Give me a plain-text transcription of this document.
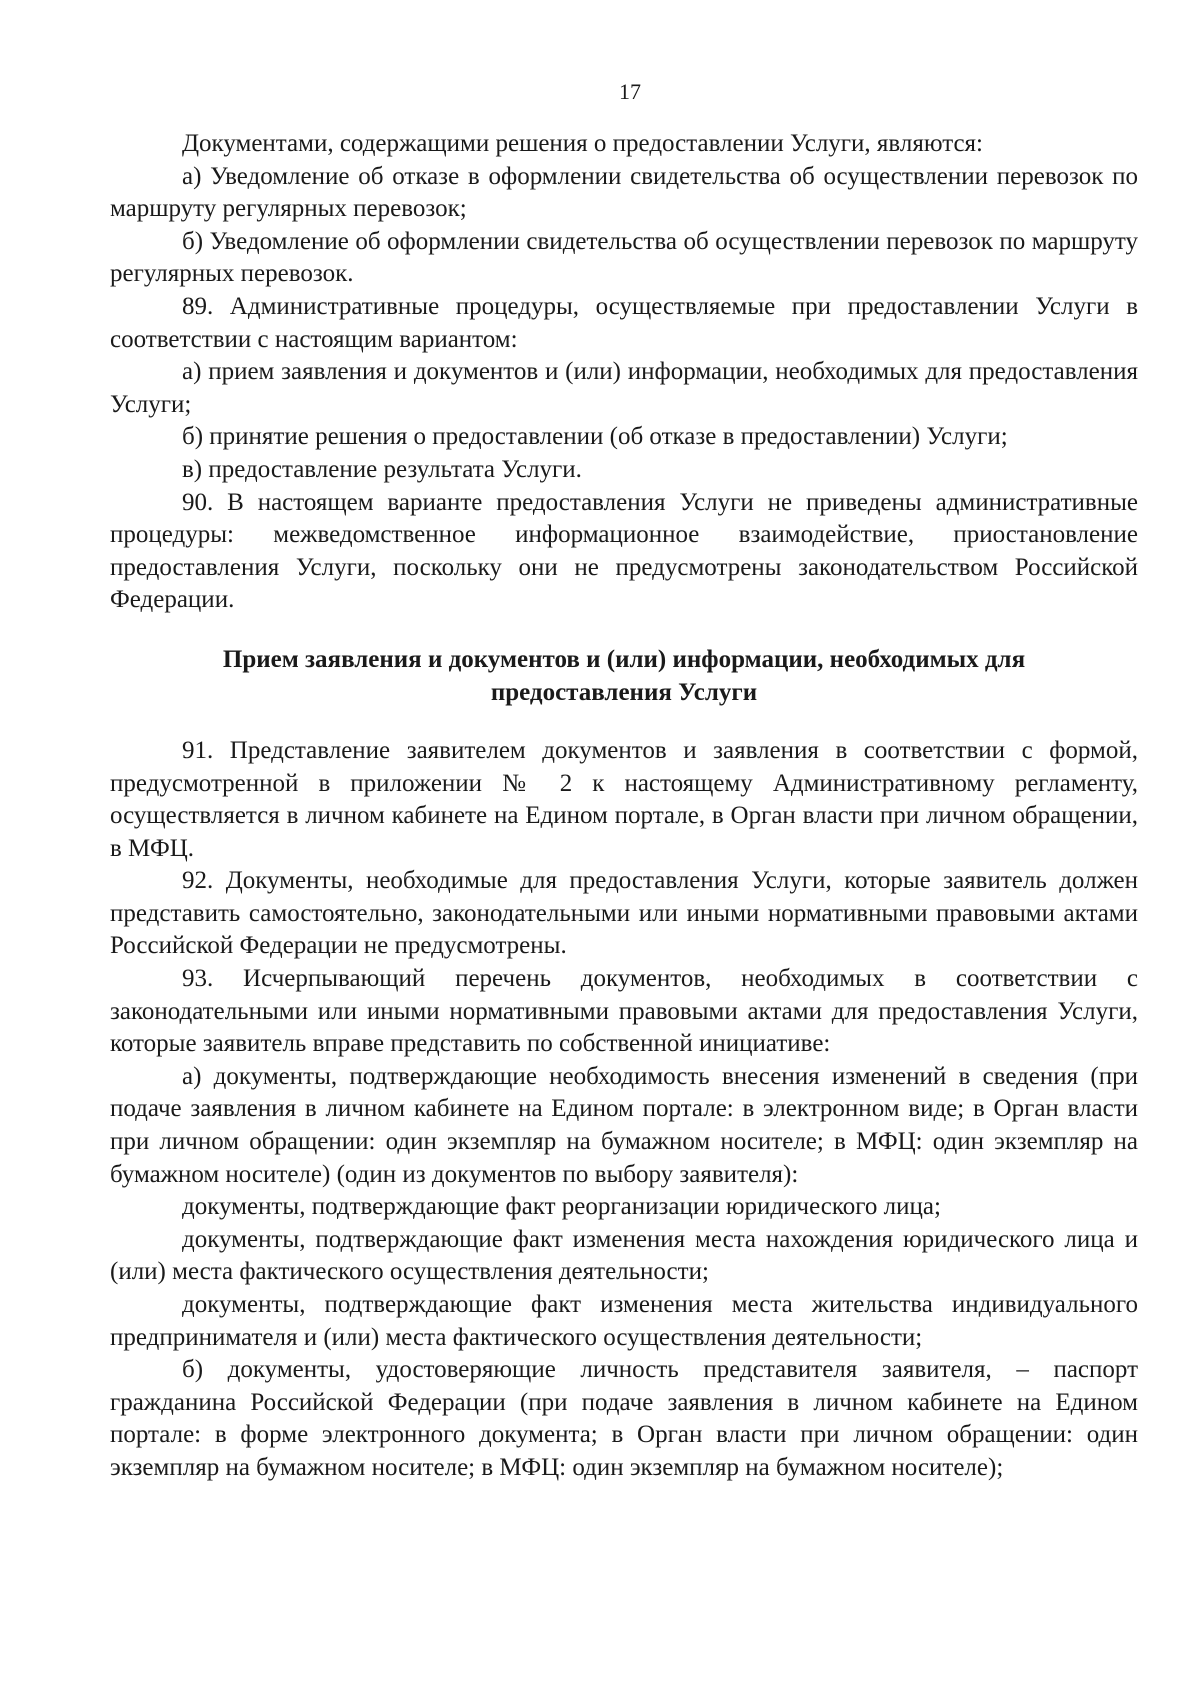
17

Документами, содержащими решения о предоставлении Услуги, являются:

а) Уведомление об отказе в оформлении свидетельства об осуществлении перевозок по маршруту регулярных перевозок;

б) Уведомление об оформлении свидетельства об осуществлении перевозок по маршруту регулярных перевозок.

89. Административные процедуры, осуществляемые при предоставлении Услуги в соответствии с настоящим вариантом:

а) прием заявления и документов и (или) информации, необходимых для предоставления Услуги;

б) принятие решения о предоставлении (об отказе в предоставлении) Услуги;

в) предоставление результата Услуги.

90. В настоящем варианте предоставления Услуги не приведены административные процедуры: межведомственное информационное взаимодействие, приостановление предоставления Услуги, поскольку они не предусмотрены законодательством Российской Федерации.

Прием заявления и документов и (или) информации, необходимых для предоставления Услуги

91. Представление заявителем документов и заявления в соответствии с формой, предусмотренной в приложении № 2 к настоящему Административному регламенту, осуществляется в личном кабинете на Едином портале, в Орган власти при личном обращении, в МФЦ.

92. Документы, необходимые для предоставления Услуги, которые заявитель должен представить самостоятельно, законодательными или иными нормативными правовыми актами Российской Федерации не предусмотрены.

93. Исчерпывающий перечень документов, необходимых в соответствии с законодательными или иными нормативными правовыми актами для предоставления Услуги, которые заявитель вправе представить по собственной инициативе:

а) документы, подтверждающие необходимость внесения изменений в сведения (при подаче заявления в личном кабинете на Едином портале: в электронном виде; в Орган власти при личном обращении: один экземпляр на бумажном носителе; в МФЦ: один экземпляр на бумажном носителе) (один из документов по выбору заявителя):

документы, подтверждающие факт реорганизации юридического лица;

документы, подтверждающие факт изменения места нахождения юридического лица и (или) места фактического осуществления деятельности;

документы, подтверждающие факт изменения места жительства индивидуального предпринимателя и (или) места фактического осуществления деятельности;

б) документы, удостоверяющие личность представителя заявителя, – паспорт гражданина Российской Федерации (при подаче заявления в личном кабинете на Едином портале: в форме электронного документа; в Орган власти при личном обращении: один экземпляр на бумажном носителе; в МФЦ: один экземпляр на бумажном носителе);
